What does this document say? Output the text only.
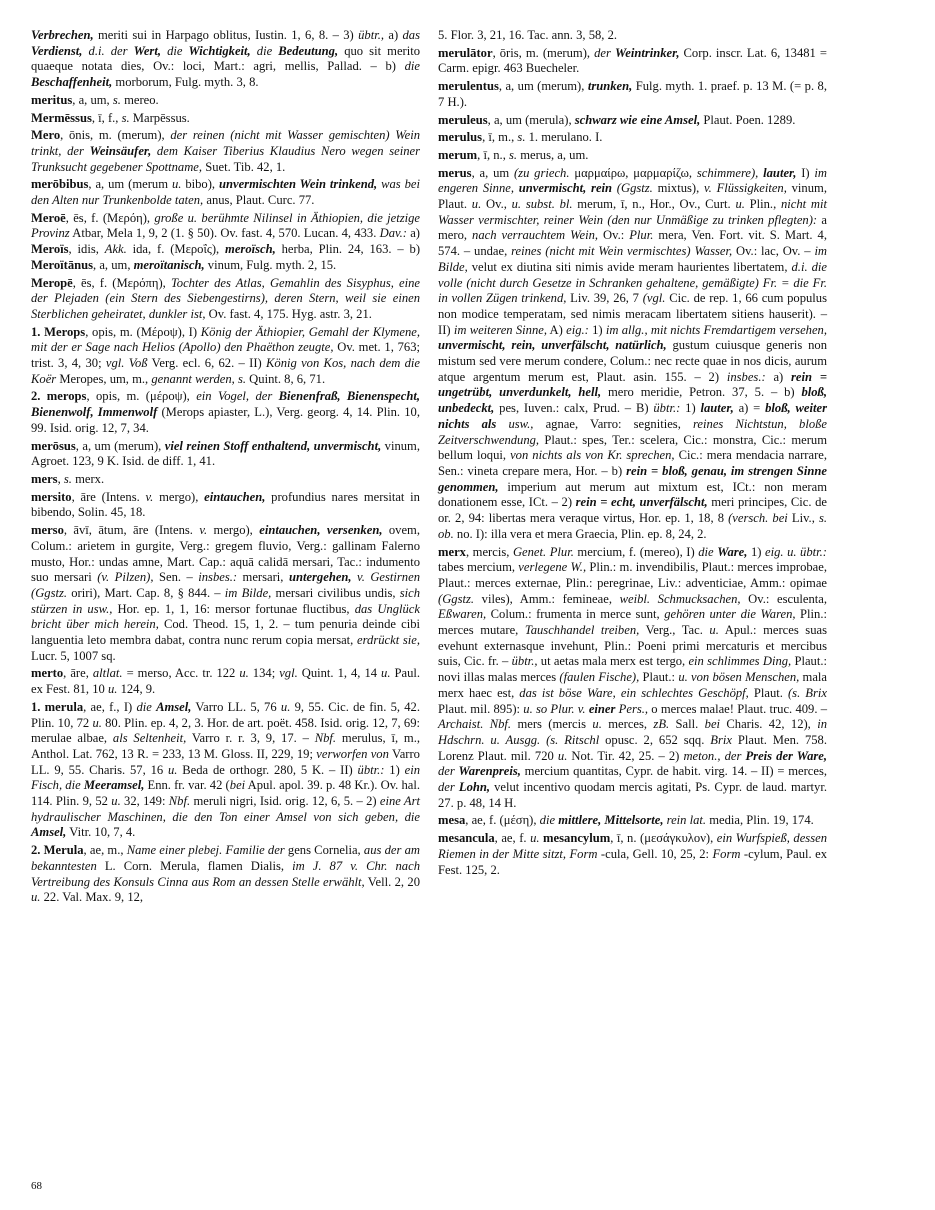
Verbrechen, meriti sui in Harpago oblitus, Iustin. 1, 6, 8. – 3) übtr., a) das Verdienst, d.i. der Wert, die Wichtigkeit, die Bedeutung, quo sit merito quaeque notata dies, Ov.: loci, Mart.: agri, mellis, Pallad. – b) die Beschaffenheit, morborum, Fulg. myth. 3, 8.
meritus, a, um, s. mereo.
Mermēssus, ī, f., s. Marpēssus.
Mero, ōnis, m. (merum), der reinen (nicht mit Wasser gemischten) Wein trinkt, der Weinsäufer, dem Kaiser Tiberius Klaudius Nero wegen seiner Trunksucht gegebener Spottname, Suet. Tib. 42, 1.
merōbibus, a, um (merum u. bibo), unvermischten Wein trinkend, was bei den Alten nur Trunkenbolde taten, anus, Plaut. Curc. 77.
Meroē, ēs, f. (Μερόη), große u. berühmte Nilinsel in Äthiopien, die jetzige Provinz Atbar, Mela 1, 9, 2 (1. § 50). Ov. fast. 4, 570. Lucan. 4, 433. Dav.: a) Meroïs, idis, Akk. ida, f. (Μεροΐς), meroïsch, herba, Plin. 24, 163. – b) Meroïtānus, a, um, meroïtanisch, vinum, Fulg. myth. 2, 15.
Meropē, ēs, f. (Μερόπη), Tochter des Atlas, Gemahlin des Sisyphus, eine der Plejaden (ein Stern des Siebengestirns), deren Stern, weil sie einen Sterblichen geheiratet, dunkler ist, Ov. fast. 4, 175. Hyg. astr. 3, 21.
1. Merops, opis, m. (Μέροψ), I) König der Äthiopier, Gemahl der Klymene, mit der er Sage nach Helios (Apollo) den Phaëthon zeugte, Ov. met. 1, 763; trist. 3, 4, 30; vgl. Voß Verg. ecl. 6, 62. – II) König von Kos, nach dem die Koër Meropes, um, m., genannt werden, s. Quint. 8, 6, 71.
2. merops, opis, m. (μέροψ), ein Vogel, der Bienenfraß, Bienenspecht, Bienenwolf, Immenwolf (Merops apiaster, L.), Verg. georg. 4, 14. Plin. 10, 99. Isid. orig. 12, 7, 34.
merōsus, a, um (merum), viel reinen Stoff enthaltend, unvermischt, vinum, Agroet. 123, 9 K. Isid. de diff. 1, 41.
mers, s. merx.
mersito, āre (Intens. v. mergo), eintauchen, profundius nares mersitat in bibendo, Solin. 45, 18.
merso, āvī, ātum, āre (Intens. v. mergo), eintauchen, versenken, ovem, Colum.: arietem in gurgite, Verg.: gregem fluvio, Verg.: gallinam Falerno musto, Hor.: undas amne, Mart. Cap.: aquā calidā mersari, Tac.: indumento suo mersari (v. Pilzen), Sen. – insbes.: mersari, untergehen, v. Gestirnen (Ggstz. oriri), Mart. Cap. 8, § 844. – im Bilde, mersari civilibus undis, sich stürzen in usw., Hor. ep. 1, 1, 16: mersor fortunae fluctibus, das Unglück bricht über mich herein, Cod. Theod. 15, 1, 2. – tum penuria deinde cibi languentia leto membra dabat, contra nunc rerum copia mersat, erdrückt sie, Lucr. 5, 1007 sq.
merto, āre, altlat. = merso, Acc. tr. 122 u. 134; vgl. Quint. 1, 4, 14 u. Paul. ex Fest. 81, 10 u. 124, 9.
1. merula, ae, f., I) die Amsel, Varro LL. 5, 76 u. 9, 55. Cic. de fin. 5, 42. Plin. 10, 72 u. 80. Plin. ep. 4, 2, 3. Hor. de art. poët. 458. Isid. orig. 12, 7, 69: merulae albae, als Seltenheit, Varro r. r. 3, 9, 17. – Nbf. merulus, ī, m., Anthol. Lat. 762, 13 R. = 233, 13 M. Gloss. II, 229, 19; verworfen von Varro LL. 9, 55. Charis. 57, 16 u. Beda de orthogr. 280, 5 K. – II) übtr.: 1) ein Fisch, die Meeramsel, Enn. fr. var. 42 (bei Apul. apol. 39. p. 48 Kr.). Ov. hal. 114. Plin. 9, 52 u. 32, 149: Nbf. meruli nigri, Isid. orig. 12, 6, 5. – 2) eine Art hydraulischer Maschinen, die den Ton einer Amsel von sich geben, die Amsel, Vitr. 10, 7, 4.
2. Merula, ae, m., Name einer plebej. Familie der gens Cornelia, aus der am bekanntesten L. Corn. Merula, flamen Dialis, im J. 87 v. Chr. nach Vertreibung des Konsuls Cinna aus Rom an dessen Stelle erwählt, Vell. 2, 20 u. 22. Val. Max. 9, 12,
5. Flor. 3, 21, 16. Tac. ann. 3, 58, 2.
merulātor, ōris, m. (merum), der Weintrinker, Corp. inscr. Lat. 6, 13481 = Carm. epigr. 463 Buecheler.
merulentus, a, um (merum), trunken, Fulg. myth. 1. praef. p. 13 M. (= p. 8, 7 H.).
meruleus, a, um (merula), schwarz wie eine Amsel, Plaut. Poen. 1289.
merulus, ī, m., s. 1. merulano. I.
merum, ī, n., s. merus, a, um.
merus, a, um (zu griech. μαρμαίρω, μαρμαρίζω, schimmere), lauter, I) im engeren Sinne, unvermischt, rein (Ggstz. mixtus), v. Flüssigkeiten, vinum, Plaut. u. Ov., u. subst. bl. merum, ī, n., Hor., Ov., Curt. u. Plin., nicht mit Wasser vermischter, reiner Wein (den nur Unmäßige zu trinken pflegten): a mero, nach verrauchtem Wein, Ov.: Plur. mera, Ven. Fort. vit. S. Mart. 4, 574. – undae, reines (nicht mit Wein vermischtes) Wasser, Ov.: lac, Ov. – im Bilde, velut ex diutina siti nimis avide meram haurientes libertatem, d.i. die volle (nicht durch Gesetze in Schranken gehaltene, gemäßigte) Fr. = die Fr. in vollen Zügen trinkend, Liv. 39, 26, 7 (vgl. Cic. de rep. 1, 66 cum populus non modice temperatam, sed nimis meracam libertatem sitiens hauserit). – II) im weiteren Sinne, A) eig.: 1) im allg., mit nichts Fremdartigem versehen, unvermischt, rein, unverfälscht, natürlich, gustum cuiusque generis non mistum sed vere merum condere, Colum.: nec recte quae in nos dicis, aurum atque argentum merum est, Plaut. asin. 155. – 2) insbes.: a) rein = ungetrübt, unverdunkelt, hell, mero meridie, Petron. 37, 5. – b) bloß, unbedeckt, pes, Iuven.: calx, Prud. – B) übtr.: 1) lauter, a) = bloß, weiter nichts als usw., agnae, Varro: segnities, reines Nichtstun, bloße Zeitverschwendung, Plaut.: spes, Ter.: scelera, Cic.: monstra, Cic.: merum bellum loqui, von nichts als von Kr. sprechen, Cic.: mera mendacia narrare, Sen.: vineta crepare mera, Hor. – b) rein = bloß, genau, im strengen Sinne genommen, imperium aut merum aut mixtum est, ICt.: non meram donationem esse, ICt. – 2) rein = echt, unverfälscht, meri principes, Cic. de or. 2, 94: libertas mera veraque virtus, Hor. ep. 1, 18, 8 (versch. bei Liv., s. ob. no. I): illa vera et mera Graecia, Plin. ep. 8, 24, 2.
merx, mercis, Genet. Plur. mercium, f. (mereo), I) die Ware, 1) eig. u. übtr.: tabes mercium, verlegene W., Plin.: m. invendibilis, Plaut.: merces improbae, Plaut.: merces externae, Plin.: peregrinae, Liv.: adventiciae, Amm.: opimae (Ggstz. viles), Amm.: femineae, weibl. Schmucksachen, Ov.: esculenta, Eßwaren, Colum.: frumenta in merce sunt, gehören unter die Waren, Plin.: merces mutare, Tauschhandel treiben, Verg., Tac. u. Apul.: merces suas evehunt externasque invehunt, Plin.: Poeni primi mercaturis et mercibus suis, Cic. fr. – übtr., ut aetas mala merx est tergo, ein schlimmes Ding, Plaut.: novi illas malas merces (faulen Fische), Plaut.: u. von bösen Menschen, mala merx haec est, das ist böse Ware, ein schlechtes Geschöpf, Plaut. (s. Brix Plaut. mil. 895): u. so Plur. v. einer Pers., o merces malae! Plaut. truc. 409. – Archaist. Nbf. mers (mercis u. merces, zB. Sall. bei Charis. 42, 12), in Hdschrn. u. Ausgg. (s. Ritschl opusc. 2, 652 sqq. Brix Plaut. Men. 758. Lorenz Plaut. mil. 720 u. Not. Tir. 42, 25. – 2) meton., der Preis der Ware, der Warenpreis, mercium quantitas, Cypr. de habit. virg. 14. – II) = merces, der Lohn, velut incentivo quodam mercis agitati, Ps. Cypr. de laud. martyr. 27. p. 48, 14 H.
mesa, ae, f. (μέση), die mittlere, Mittelsorte, rein lat. media, Plin. 19, 174.
mesancula, ae, f. u. mesancylum, ī, n. (μεσάγκυλον), ein Wurfspieß, dessen Riemen in der Mitte sitzt, Form -cula, Gell. 10, 25, 2: Form -cylum, Paul. ex Fest. 125, 2.
68
